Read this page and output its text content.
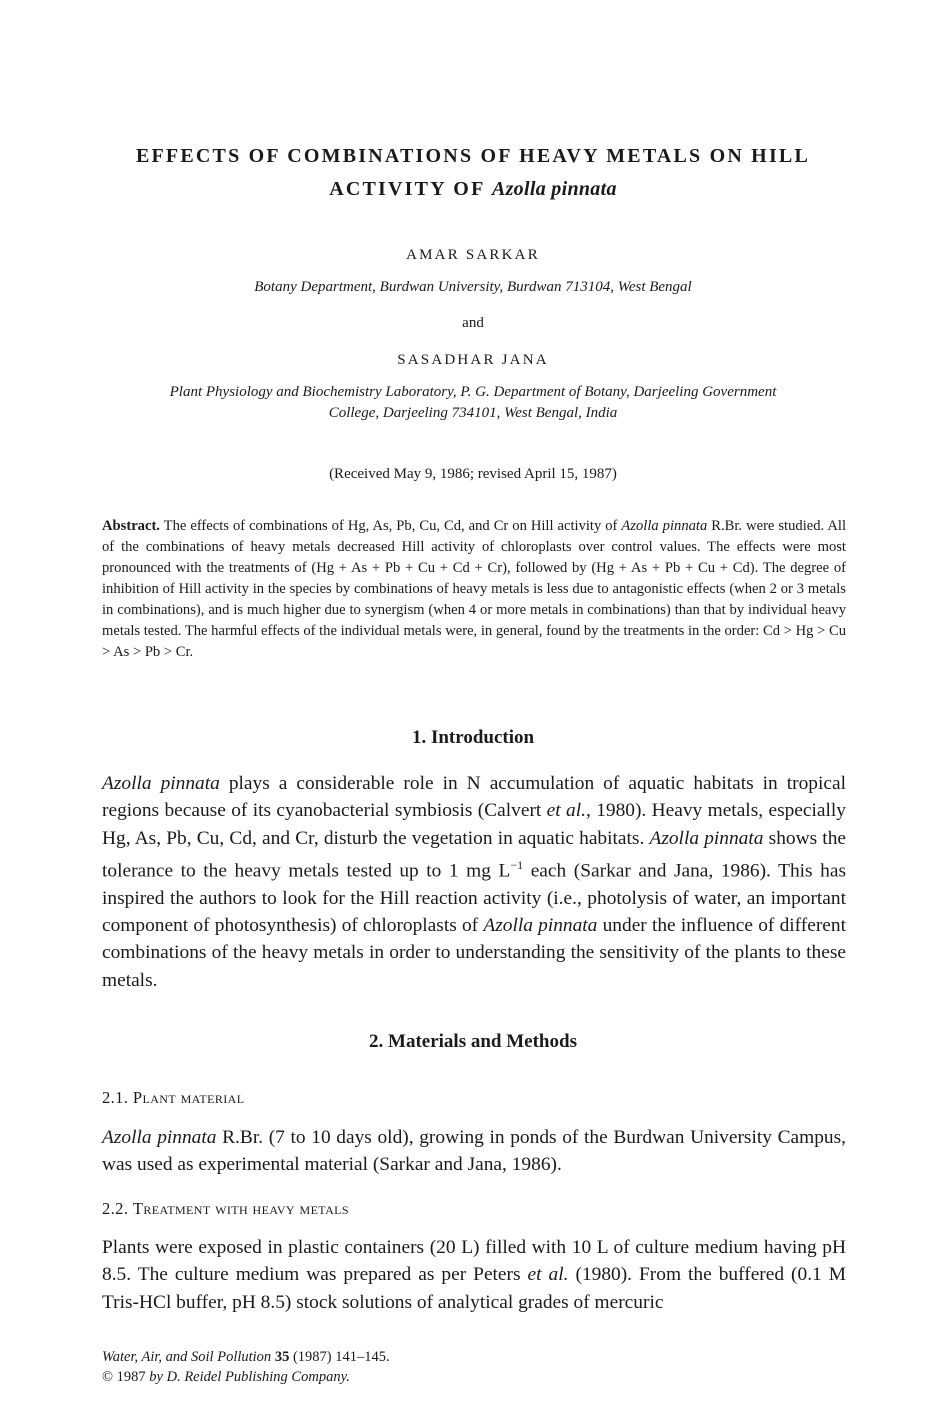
EFFECTS OF COMBINATIONS OF HEAVY METALS ON HILL
ACTIVITY OF Azolla pinnata
AMAR SARKAR
Botany Department, Burdwan University, Burdwan 713104, West Bengal
and
SASADHAR JANA
Plant Physiology and Biochemistry Laboratory, P. G. Department of Botany, Darjeeling Government
College, Darjeeling 734101, West Bengal, India
(Received May 9, 1986; revised April 15, 1987)
Abstract. The effects of combinations of Hg, As, Pb, Cu, Cd, and Cr on Hill activity of Azolla pinnata R.Br. were studied. All of the combinations of heavy metals decreased Hill activity of chloroplasts over control values. The effects were most pronounced with the treatments of (Hg + As + Pb + Cu + Cd + Cr), followed by (Hg + As + Pb + Cu + Cd). The degree of inhibition of Hill activity in the species by combinations of heavy metals is less due to antagonistic effects (when 2 or 3 metals in combinations), and is much higher due to synergism (when 4 or more metals in combinations) than that by individual heavy metals tested. The harmful effects of the individual metals were, in general, found by the treatments in the order: Cd > Hg > Cu > As > Pb > Cr.
1. Introduction
Azolla pinnata plays a considerable role in N accumulation of aquatic habitats in tropical regions because of its cyanobacterial symbiosis (Calvert et al., 1980). Heavy metals, especially Hg, As, Pb, Cu, Cd, and Cr, disturb the vegetation in aquatic habitats. Azolla pinnata shows the tolerance to the heavy metals tested up to 1 mg $L^{-1}$ each (Sarkar and Jana, 1986). This has inspired the authors to look for the Hill reaction activity (i.e., photolysis of water, an important component of photosynthesis) of chloroplasts of Azolla pinnata under the influence of different combinations of the heavy metals in order to understanding the sensitivity of the plants to these metals.
2. Materials and Methods
2.1. Plant material
Azolla pinnata R.Br. (7 to 10 days old), growing in ponds of the Burdwan University Campus, was used as experimental material (Sarkar and Jana, 1986).
2.2. Treatment with heavy metals
Plants were exposed in plastic containers (20 L) filled with 10 L of culture medium having pH 8.5. The culture medium was prepared as per Peters et al. (1980). From the buffered (0.1 M Tris-HCl buffer, pH 8.5) stock solutions of analytical grades of mercuric
Water, Air, and Soil Pollution 35 (1987) 141–145.
© 1987 by D. Reidel Publishing Company.
